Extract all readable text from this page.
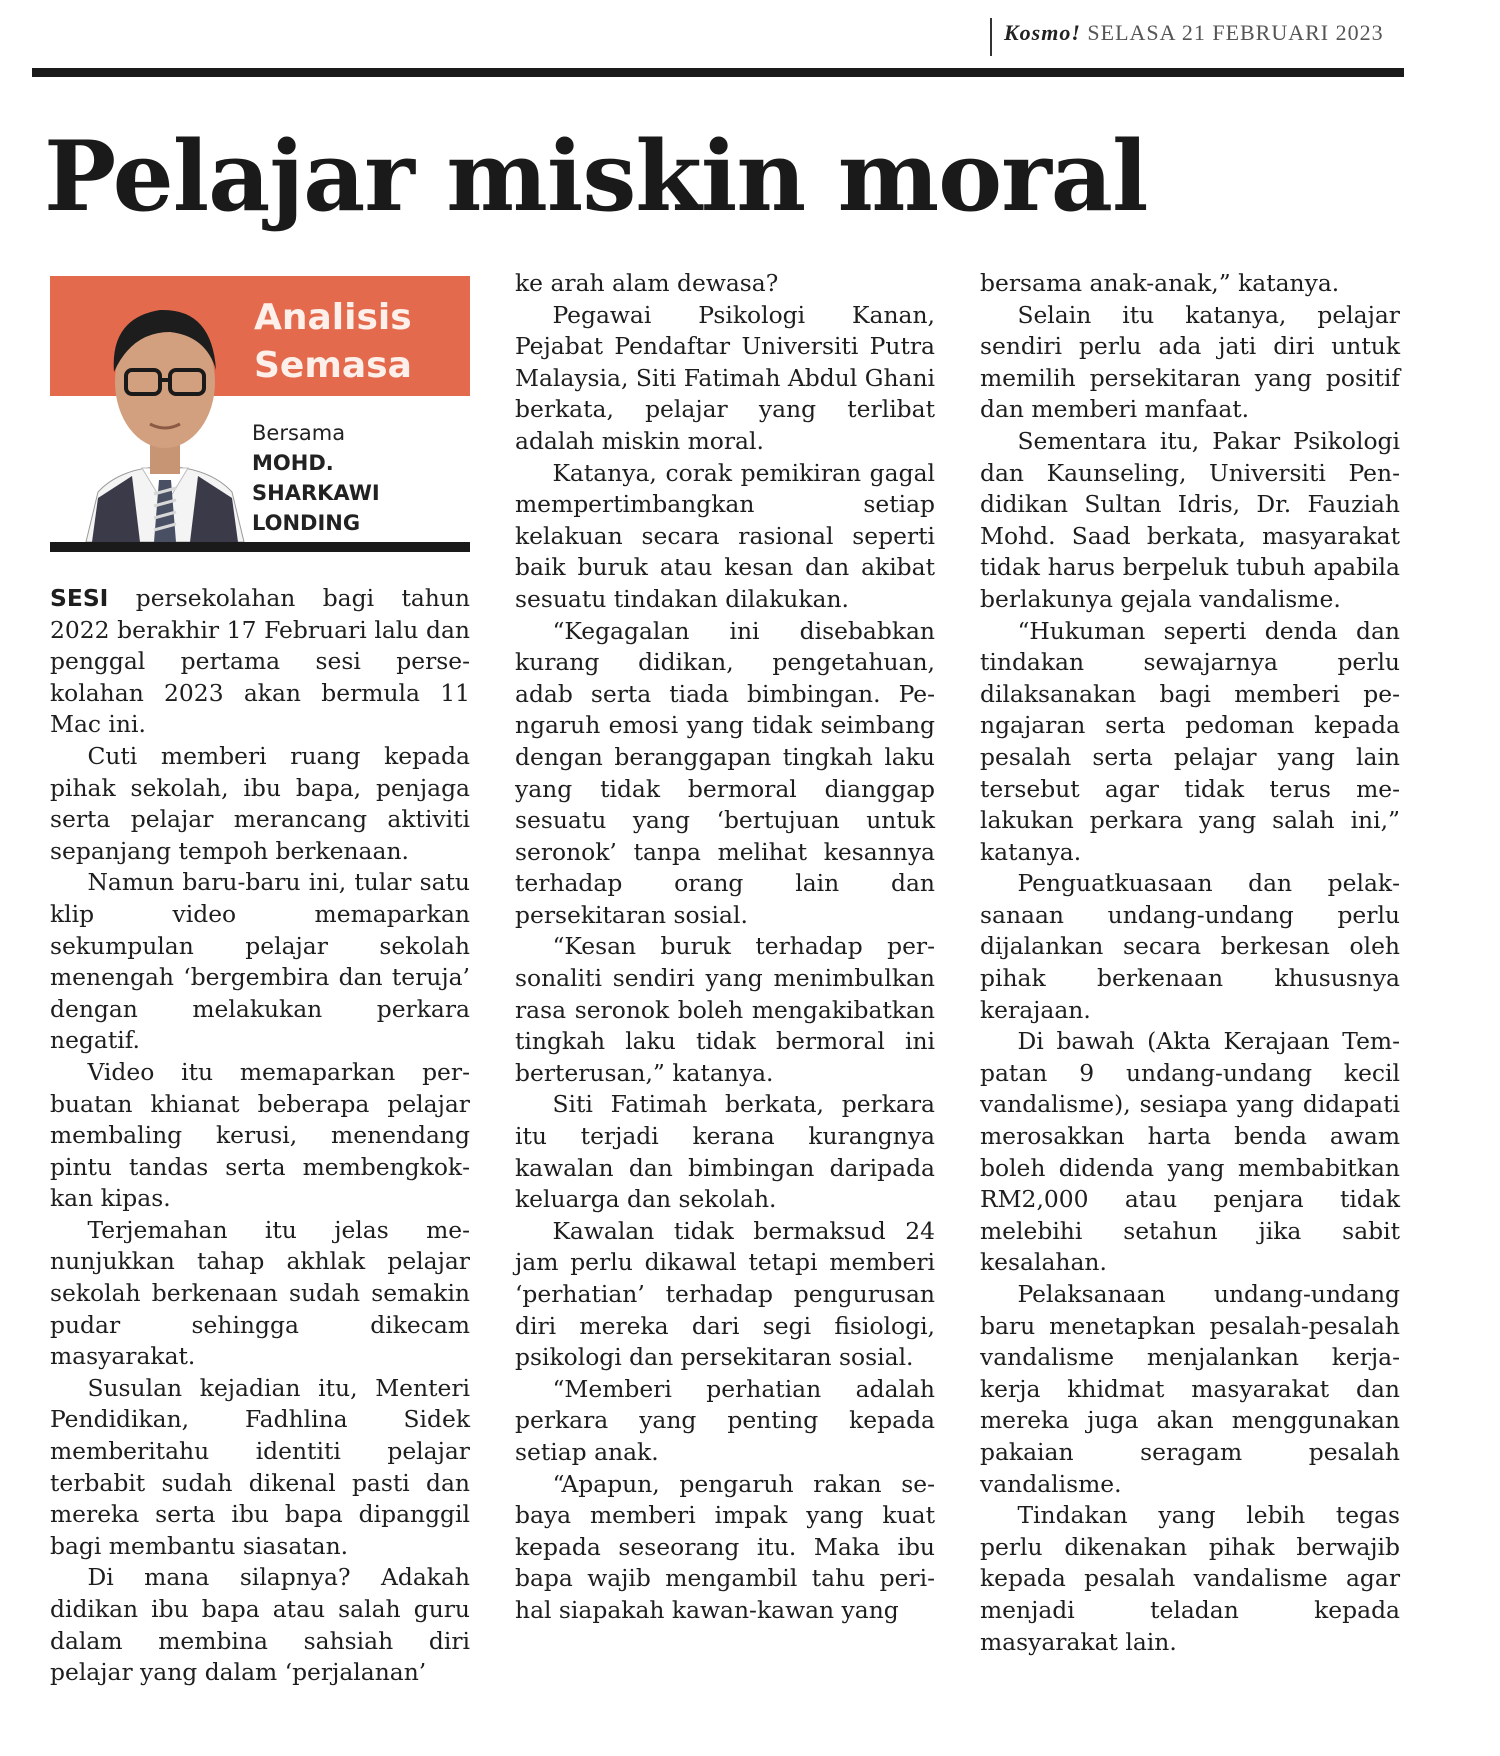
Kosmo! SELASA 21 FEBRUARI 2023
Pelajar miskin moral
Analisis
Semasa
Bersama
MOHD.
SHARKAWI
LONDING

SESI persekolahan bagi tahun 2022 berakhir 17 Februari lalu dan penggal pertama sesi persekolahan 2023 akan bermula 11 Mac ini.

Cuti memberi ruang kepada pihak sekolah, ibu bapa, penjaga serta pelajar merancang aktiviti sepanjang tempoh berkenaan.

Namun baru-baru ini, tular satu klip video memaparkan sekumpulan pelajar sekolah menengah ‘bergembira dan teruja’ dengan melakukan perkara negatif.

Video itu memaparkan perbuatan khianat beberapa pelajar membaling kerusi, menendang pintu tandas serta membengkokkan kipas.

Terjemahan itu jelas menunjukkan tahap akhlak pelajar sekolah berkenaan sudah semakin pudar sehingga dikecam masyarakat.

Susulan kejadian itu, Menteri Pendidikan, Fadhlina Sidek memberitahu identiti pelajar terbabit sudah dikenal pasti dan mereka serta ibu bapa dipanggil bagi membantu siasatan.

Di mana silapnya? Adakah didikan ibu bapa atau salah guru dalam membina sahsiah diri pelajar yang dalam ‘perjalanan’

ke arah alam dewasa?

Pegawai Psikologi Kanan, Pejabat Pendaftar Universiti Putra Malaysia, Siti Fatimah Abdul Ghani berkata, pelajar yang terlibat adalah miskin moral.

Katanya, corak pemikiran gagal mempertimbangkan setiap kelakuan secara rasional seperti baik buruk atau kesan dan akibat sesuatu tindakan dilakukan.

“Kegagalan ini disebabkan kurang didikan, pengetahuan, adab serta tiada bimbingan. Pengaruh emosi yang tidak seimbang dengan beranggapan tingkah laku yang tidak bermoral dianggap sesuatu yang ‘bertujuan untuk seronok’ tanpa melihat kesannya terhadap orang lain dan persekitaran sosial.

“Kesan buruk terhadap personaliti sendiri yang menimbulkan rasa seronok boleh mengakibatkan tingkah laku tidak bermoral ini berterusan,” katanya.

Siti Fatimah berkata, perkara itu terjadi kerana kurangnya kawalan dan bimbingan daripada keluarga dan sekolah.

Kawalan tidak bermaksud 24 jam perlu dikawal tetapi memberi ‘perhatian’ terhadap pengurusan diri mereka dari segi fisiologi, psikologi dan persekitaran sosial.

“Memberi perhatian adalah perkara yang penting kepada setiap anak.

“Apapun, pengaruh rakan sebaya memberi impak yang kuat kepada seseorang itu. Maka ibu bapa wajib mengambil tahu perihal siapakah kawan-kawan yang

bersama anak-anak,” katanya.

Selain itu katanya, pelajar sendiri perlu ada jati diri untuk memilih persekitaran yang positif dan memberi manfaat.

Sementara itu, Pakar Psikologi dan Kaunseling, Universiti Pendidikan Sultan Idris, Dr. Fauziah Mohd. Saad berkata, masyarakat tidak harus berpeluk tubuh apabila berlakunya gejala vandalisme.

“Hukuman seperti denda dan tindakan sewajarnya perlu dilaksanakan bagi memberi pengajaran serta pedoman kepada pesalah serta pelajar yang lain tersebut agar tidak terus melakukan perkara yang salah ini,” katanya.

Penguatkuasaan dan pelaksanaan undang-undang perlu dijalankan secara berkesan oleh pihak berkenaan khususnya kerajaan.

Di bawah (Akta Kerajaan Tempatan 9 undang-undang kecil vandalisme), sesiapa yang didapati merosakkan harta benda awam boleh didenda yang membabitkan RM2,000 atau penjara tidak melebihi setahun jika sabit kesalahan.

Pelaksanaan undang-undang baru menetapkan pesalah-pesalah vandalisme menjalankan kerja-kerja khidmat masyarakat dan mereka juga akan menggunakan pakaian seragam pesalah vandalisme.

Tindakan yang lebih tegas perlu dikenakan pihak berwajib kepada pesalah vandalisme agar menjadi teladan kepada masyarakat lain.
